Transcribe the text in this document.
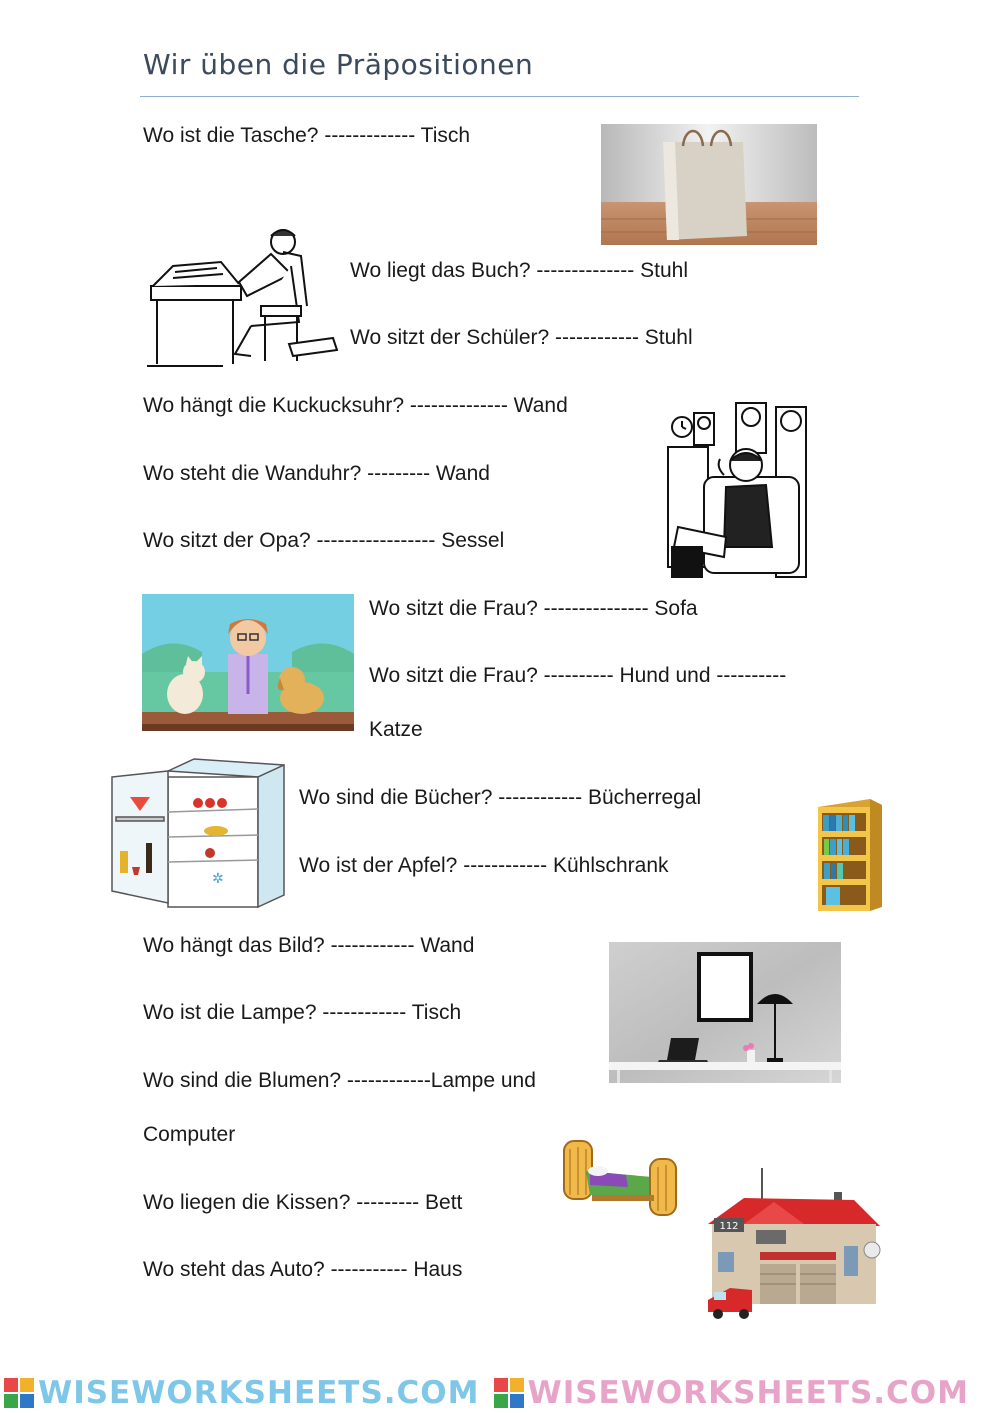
Wir üben die Präpositionen
Wo ist die Tasche? ------------- Tisch
Wo liegt das Buch? -------------- Stuhl
Wo sitzt der Schüler? ------------ Stuhl
Wo hängt die Kuckucksuhr? -------------- Wand
Wo steht die Wanduhr? --------- Wand
Wo sitzt der Opa? ----------------- Sessel
Wo sitzt die Frau? --------------- Sofa
Wo sitzt die Frau? ---------- Hund und ----------
Katze
Wo sind die Bücher? ------------ Bücherregal
Wo ist der Apfel? ------------ Kühlschrank
Wo hängt das Bild? ------------ Wand
Wo ist die Lampe? ------------ Tisch
Wo sind die Blumen? ------------Lampe und
Computer
Wo liegen die Kissen? --------- Bett
Wo steht das Auto? ----------- Haus
✲
112
WISEWORKSHEETS.COM WISEWORKSHEETS.COM
